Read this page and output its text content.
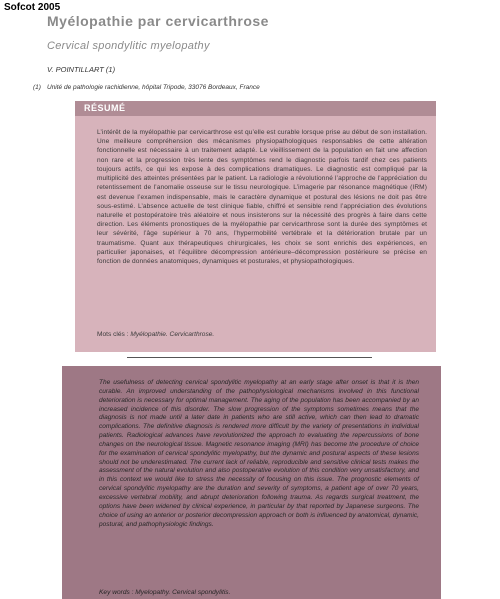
Sofcot 2005
Myélopathie par cervicarthrose
Cervical spondylitic myelopathy
V. POINTILLART (1)
(1) Unité de pathologie rachidienne, hôpital Tripode, 33076 Bordeaux, France
RÉSUMÉ
L’intérêt de la myélopathie par cervicarthrose est qu’elle est curable lorsque prise au début de son installation. Une meilleure compréhension des mécanismes physiopathologiques responsables de cette altération fonctionnelle est nécessaire à un traitement adapté. Le vieillissement de la population en fait une affection non rare et la progression très lente des symptômes rend le diagnostic parfois tardif chez ces patients toujours actifs, ce qui les expose à des complications dramatiques. Le diagnostic est compliqué par la multiplicité des atteintes présentées par le patient. La radiologie a révolutionné l’approche de l’appréciation du retentissement de l’anomalie osseuse sur le tissu neurologique. L’imagerie par résonance magnétique (IRM) est devenue l’examen indispensable, mais le caractère dynamique et postural des lésions ne doit pas être sous-estimé. L’absence actuelle de test clinique fiable, chiffré et sensible rend l’appréciation des évolutions naturelle et postopératoire très aléatoire et nous insisterons sur la nécessité des progrès à faire dans cette direction. Les éléments pronostiques de la myélopathie par cervicarthrose sont la durée des symptômes et leur sévérité, l’âge supérieur à 70 ans, l’hypermobilité vertébrale et la détérioration brutale par un traumatisme. Quant aux thérapeutiques chirurgicales, les choix se sont enrichis des expériences, en particulier japonaises, et l’équilibre décompression antérieure–décompression postérieure se précise en fonction de données anatomiques, dynamiques et posturales, et physiopathologiques.
Mots clés : Myélopathie. Cervicarthrose.
The usefulness of detecting cervical spondylitic myelopathy at an early stage after onset is that it is then curable. An improved understanding of the pathophysiological mechanisms involved in this functional deterioration is necessary for optimal management. The aging of the population has been accompanied by an increased incidence of this disorder. The slow progression of the symptoms sometimes means that the diagnosis is not made until a later date in patients who are still active, which can then lead to dramatic complications. The definitive diagnosis is rendered more difficult by the variety of presentations in individual patients. Radiological advances have revolutionized the approach to evaluating the repercussions of bone changes on the neurological tissue. Magnetic resonance imaging (MRI) has become the procedure of choice for the examination of cervical spondylitic myelopathy, but the dynamic and postural aspects of these lesions should not be underestimated. The current lack of reliable, reproducible and sensitive clinical tests makes the assessment of the natural evolution and also postoperative evolution of this condition very unsatisfactory, and in this context we would like to stress the necessity of focusing on this issue. The prognostic elements of cervical spondylitic myelopathy are the duration and severity of symptoms, a patient age of over 70 years, excessive vertebral mobility, and abrupt deterioration following trauma. As regards surgical treatment, the options have been widened by clinical experience, in particular by that reported by Japanese surgeons. The choice of using an anterior or posterior decompression approach or both is influenced by anatomical, dynamic, postural, and pathophysiologic findings.
Key words : Myelopathy. Cervical spondylitis.
